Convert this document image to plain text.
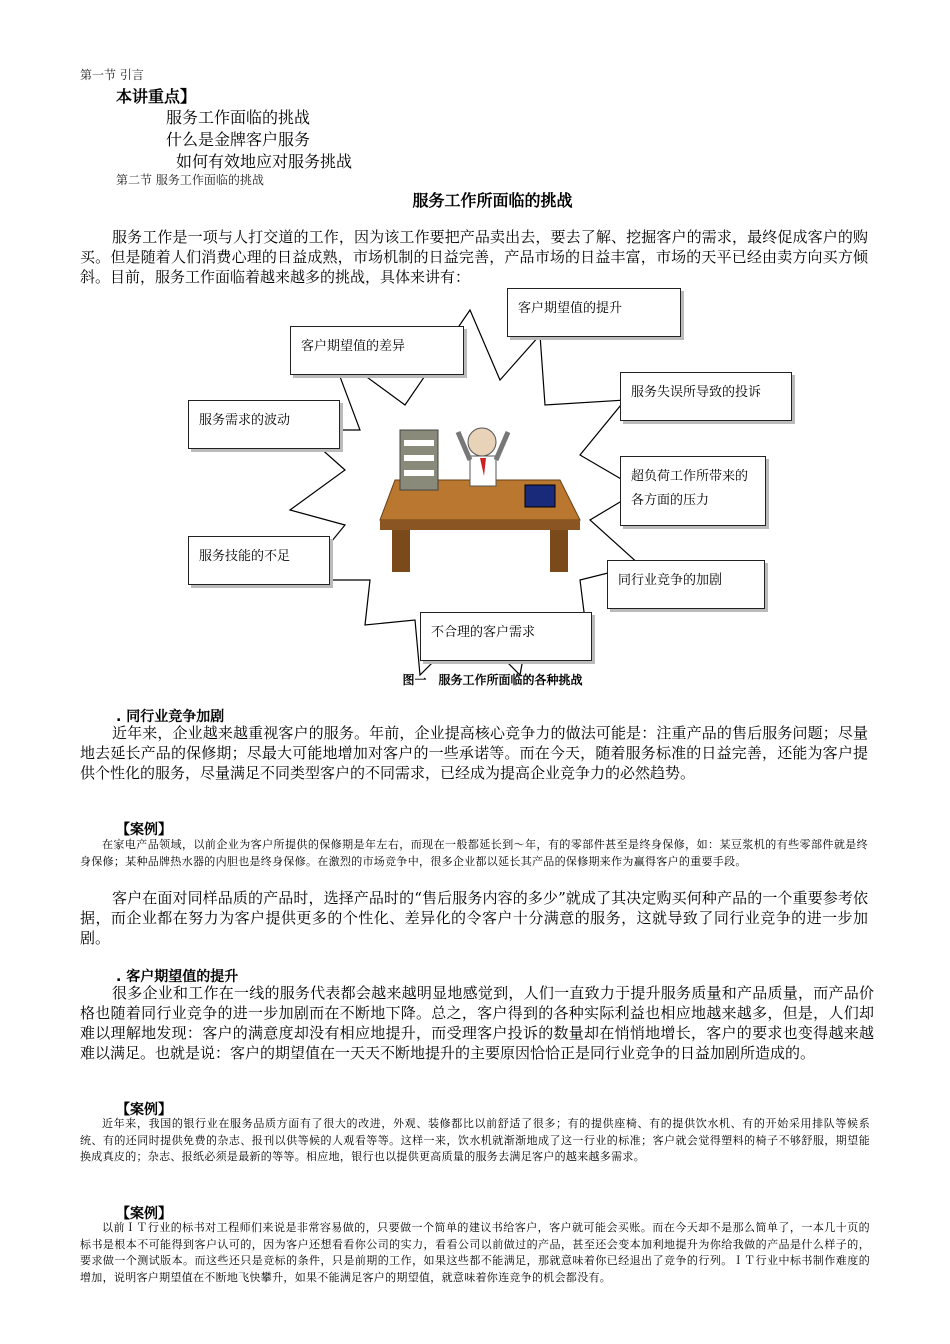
第一节 引言
本讲重点】
服务工作面临的挑战
什么是金牌客户服务
如何有效地应对服务挑战
第二节 服务工作面临的挑战
服务工作所面临的挑战

服务工作是一项与人打交道的工作，因为该工作要把产品卖出去，要去了解、挖掘客户的需求，最终促成客户的购买。但是随着人们消费心理的日益成熟，市场机制的日益完善，产品市场的日益丰富，市场的天平已经由卖方向买方倾斜。目前，服务工作面临着越来越多的挑战，具体来讲有：

客户期望值的提升
客户期望值的差异
服务失误所导致的投诉
服务需求的波动
超负荷工作所带来的各方面的压力
服务技能的不足
同行业竞争的加剧
不合理的客户需求
图一　服务工作所面临的各种挑战
. 同行业竞争加剧

近年来，企业越来越重视客户的服务。年前，企业提高核心竞争力的做法可能是：注重产品的售后服务问题；尽量地去延长产品的保修期；尽最大可能地增加对客户的一些承诺等。而在今天，随着服务标准的日益完善，还能为客户提供个性化的服务，尽量满足不同类型客户的不同需求，已经成为提高企业竞争力的必然趋势。

【案例】

在家电产品领域，以前企业为客户所提供的保修期是年左右，而现在一般都延长到～年，有的零部件甚至是终身保修，如：某豆浆机的有些零部件就是终身保修；某种品牌热水器的内胆也是终身保修。在激烈的市场竞争中，很多企业都以延长其产品的保修期来作为赢得客户的重要手段。

客户在面对同样品质的产品时，选择产品时的“售后服务内容的多少”就成了其决定购买何种产品的一个重要参考依据，而企业都在努力为客户提供更多的个性化、差异化的令客户十分满意的服务，这就导致了同行业竞争的进一步加剧。

. 客户期望值的提升

很多企业和工作在一线的服务代表都会越来越明显地感觉到，人们一直致力于提升服务质量和产品质量，而产品价格也随着同行业竞争的进一步加剧而在不断地下降。总之，客户得到的各种实际利益也相应地越来越多，但是，人们却难以理解地发现：客户的满意度却没有相应地提升，而受理客户投诉的数量却在悄悄地增长，客户的要求也变得越来越难以满足。也就是说：客户的期望值在一天天不断地提升的主要原因恰恰正是同行业竞争的日益加剧所造成的。

【案例】

近年来，我国的银行业在服务品质方面有了很大的改进，外观、装修都比以前舒适了很多；有的提供座椅、有的提供饮水机、有的开始采用排队等候系统、有的还同时提供免费的杂志、报刊以供等候的人观看等等。这样一来，饮水机就渐渐地成了这一行业的标准；客户就会觉得塑料的椅子不够舒服，期望能换成真皮的；杂志、报纸必须是最新的等等。相应地，银行也以提供更高质量的服务去满足客户的越来越多需求。

【案例】

以前ＩＴ行业的标书对工程师们来说是非常容易做的，只要做一个简单的建议书给客户，客户就可能会买账。而在今天却不是那么简单了，一本几十页的标书是根本不可能得到客户认可的，因为客户还想看看你公司的实力，看看公司以前做过的产品，甚至还会变本加利地提升为你给我做的产品是什么样子的，要求做一个测试版本。而这些还只是竞标的条件，只是前期的工作，如果这些都不能满足，那就意味着你已经退出了竞争的行列。ＩＴ行业中标书制作难度的增加，说明客户期望值在不断地飞快攀升，如果不能满足客户的期望值，就意味着你连竞争的机会都没有。
